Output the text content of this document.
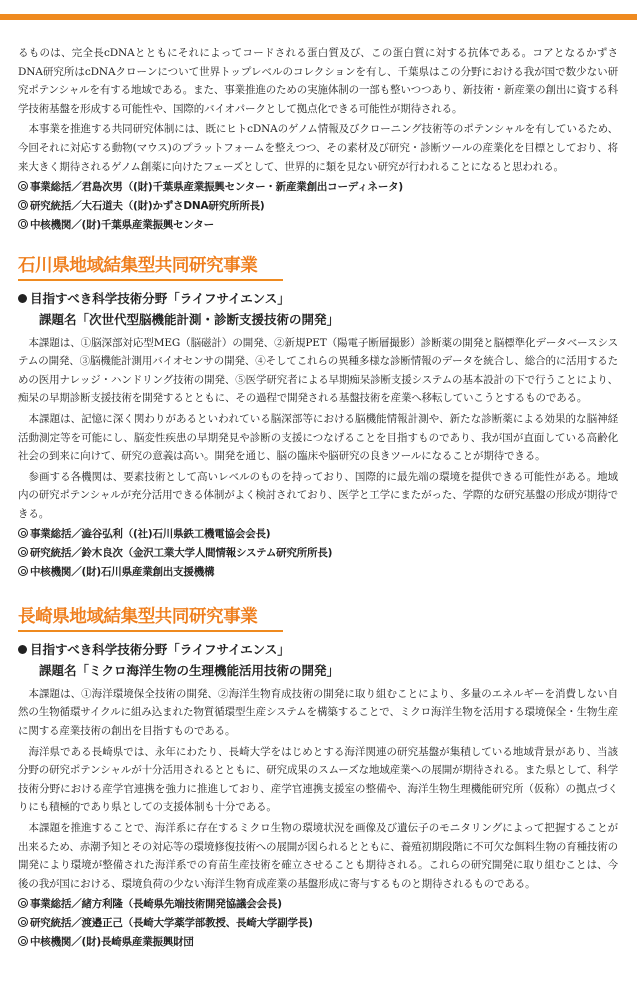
るものは、完全長cDNAとともにそれによってコードされる蛋白質及び、この蛋白質に対する抗体である。コアとなるかずさDNA研究所はcDNAクローンについて世界トップレベルのコレクションを有し、千葉県はこの分野における我が国で数少ない研究ポテンシャルを有する地域である。また、事業推進のための実施体制の一部も整いつつあり、新技術・新産業の創出に資する科学技術基盤を形成する可能性や、国際的バイオパークとして拠点化できる可能性が期待される。

本事業を推進する共同研究体制には、既にヒトcDNAのゲノム情報及びクローニング技術等のポテンシャルを有しているため、今回それに対応する動物(マウス)のプラットフォームを整えつつ、その素材及び研究・診断ツールの産業化を目標としており、将来大きく期待されるゲノム創薬に向けたフェーズとして、世界的に類を見ない研究が行われることになると思われる。

事業総括／君島次男（(財)千葉県産業振興センター・新産業創出コーディネータ)
研究統括／大石道夫（(財)かずさDNA研究所所長)
中核機関／(財)千葉県産業振興センター
石川県地域結集型共同研究事業
目指すべき科学技術分野「ライフサイエンス」
課題名「次世代型脳機能計測・診断支援技術の開発」

本課題は、①脳深部対応型MEG（脳磁計）の開発、②新規PET（陽電子断層撮影）診断薬の開発と脳標準化データベースシステムの開発、③脳機能計測用バイオセンサの開発、④そしてこれらの異種多様な診断情報のデータを統合し、総合的に活用するための医用ナレッジ・ハンドリング技術の開発、⑤医学研究者による早期痴呆診断支援システムの基本設計の下で行うことにより、痴呆の早期診断支援技術を開発するとともに、その過程で開発される基盤技術を産業へ移転していこうとするものである。

本課題は、記憶に深く関わりがあるといわれている脳深部等における脳機能情報計測や、新たな診断薬による効果的な脳神経活動測定等を可能にし、脳変性疾患の早期発見や診断の支援につなげることを目指すものであり、我が国が直面している高齢化社会の到来に向けて、研究の意義は高い。開発を通じ、脳の臨床や脳研究の良きツールになることが期待できる。

参画する各機関は、要素技術として高いレベルのものを持っており、国際的に最先端の環境を提供できる可能性がある。地域内の研究ポテンシャルが充分活用できる体制がよく検討されており、医学と工学にまたがった、学際的な研究基盤の形成が期待できる。

事業総括／澁谷弘利（(社)石川県鉄工機電協会会長)
研究統括／鈴木良次（金沢工業大学人間情報システム研究所所長)
中核機関／(財)石川県産業創出支援機構
長崎県地域結集型共同研究事業
目指すべき科学技術分野「ライフサイエンス」
課題名「ミクロ海洋生物の生理機能活用技術の開発」

本課題は、①海洋環境保全技術の開発、②海洋生物育成技術の開発に取り組むことにより、多量のエネルギーを消費しない自然の生物循環サイクルに組み込まれた物質循環型生産システムを構築することで、ミクロ海洋生物を活用する環境保全・生物生産に関する産業技術の創出を目指すものである。

海洋県である長崎県では、永年にわたり、長崎大学をはじめとする海洋関連の研究基盤が集積している地域背景があり、当該分野の研究ポテンシャルが十分活用されるとともに、研究成果のスムーズな地域産業への展開が期待される。また県として、科学技術分野における産学官連携を強力に推進しており、産学官連携支援室の整備や、海洋生物生理機能研究所（仮称）の拠点づくりにも積極的であり県としての支援体制も十分である。

本課題を推進することで、海洋系に存在するミクロ生物の環境状況を画像及び遺伝子のモニタリングによって把握することが出来るため、赤潮予知とその対応等の環境修復技術への展開が図られるとともに、養殖初期段階に不可欠な餌料生物の育種技術の開発により環境が整備された海洋系での育苗生産技術を確立させることも期待される。これらの研究開発に取り組むことは、今後の我が国における、環境負荷の少ない海洋生物育成産業の基盤形成に寄与するものと期待されるものである。

事業総括／緒方利隆（長崎県先端技術開発協議会会長)
研究統括／渡邉正己（長崎大学薬学部教授、長崎大学副学長)
中核機関／(財)長崎県産業振興財団
